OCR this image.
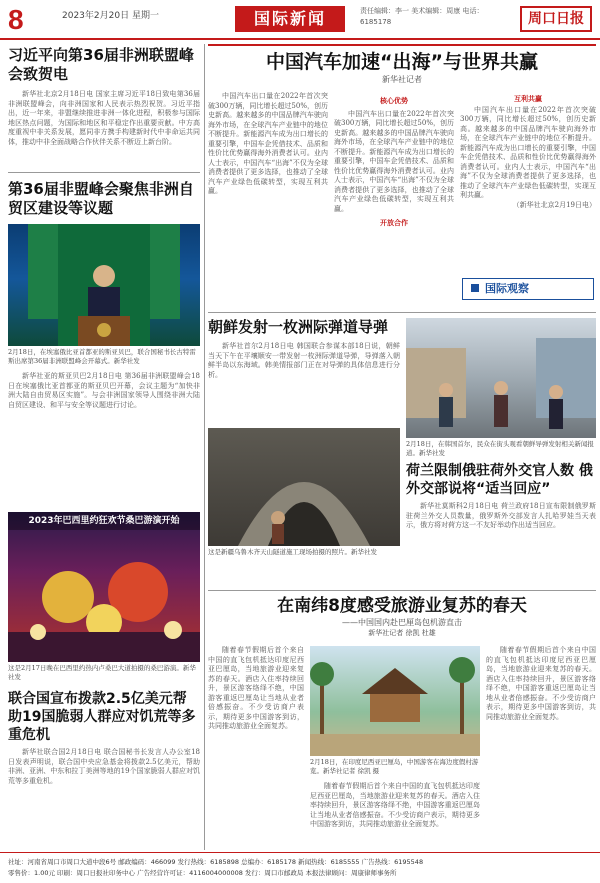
8	2023年2月20日 星期一	国际新闻	责任编辑：李一 美术编辑：周康 电话：6185178	周口日报
习近平向第36届非洲联盟峰会致贺电

新华社北京2月18日电 国家主席习近平18日致电第36届非洲联盟峰会，向非洲国家和人民表示热烈祝贺。习近平指出，近一年来，非盟继续推进非洲一体化进程，积极参与国际地区热点问题，为国际和地区和平稳定作出重要贡献。中方高度重视中非关系发展，愿同非方携手构建新时代中非命运共同体，推动中非全面战略合作伙伴关系不断迈上新台阶。

第36届非盟峰会聚焦非洲自贸区建设等议题
2月18日，在埃塞俄比亚首都亚的斯亚贝巴，联合国秘书长古特雷斯出席第36届非洲联盟峰会开幕式。新华社发

新华社亚的斯亚贝巴2月18日电 第36届非洲联盟峰会18日在埃塞俄比亚首都亚的斯亚贝巴开幕，会议主题为“加快非洲大陆自由贸易区实施”。与会非洲国家领导人围绕非洲大陆自贸区建设、和平与安全等议题进行讨论。

2023年巴西里约狂欢节桑巴游演开始
这是2月17日晚在巴西里约热内卢桑巴大道拍摄的桑巴游演。新华社发
联合国宣布拨款2.5亿美元帮助19国脆弱人群应对饥荒等多重危机

新华社联合国2月18日电 联合国秘书长发言人办公室18日发表声明说，联合国中央应急基金将拨款2.5亿美元，帮助非洲、亚洲、中东和拉丁美洲等地的19个国家脆弱人群应对饥荒等多重危机。

中国汽车加速“出海”与世界共赢
新华社记者

中国汽车出口量在2022年首次突破300万辆，同比增长超过50%，创历史新高。越来越多的中国品牌汽车驶向海外市场，在全球汽车产业链中的地位不断提升。新能源汽车成为出口增长的重要引擎，中国车企凭借技术、品质和性价比优势赢得海外消费者认可。业内人士表示，中国汽车“出海”不仅为全球消费者提供了更多选择，也推动了全球汽车产业绿色低碳转型，实现互利共赢。

核心优势

中国汽车出口量在2022年首次突破300万辆，同比增长超过50%，创历史新高。越来越多的中国品牌汽车驶向海外市场，在全球汽车产业链中的地位不断提升。新能源汽车成为出口增长的重要引擎，中国车企凭借技术、品质和性价比优势赢得海外消费者认可。业内人士表示，中国汽车“出海”不仅为全球消费者提供了更多选择，也推动了全球汽车产业绿色低碳转型，实现互利共赢。

开放合作
互利共赢

中国汽车出口量在2022年首次突破300万辆，同比增长超过50%，创历史新高。越来越多的中国品牌汽车驶向海外市场，在全球汽车产业链中的地位不断提升。新能源汽车成为出口增长的重要引擎，中国车企凭借技术、品质和性价比优势赢得海外消费者认可。业内人士表示，中国汽车“出海”不仅为全球消费者提供了更多选择，也推动了全球汽车产业绿色低碳转型，实现互利共赢。

（新华社北京2月19日电）
国际观察
朝鲜发射一枚洲际弹道导弹

新华社首尔2月18日电 韩国联合参谋本部18日说，朝鲜当天下午在平壤顺安一带发射一枚洲际弹道导弹，导弹落入朝鲜半岛以东海域。韩美情报部门正在对导弹的具体信息进行分析。

这是新疆乌鲁木齐天山隧道施工现场拍摄的照片。新华社发
2月18日，在韩国首尔，民众在街头观看朝鲜导弹发射相关新闻报道。新华社发
荷兰限制俄驻荷外交官人数 俄外交部说将“适当回应”

新华社莫斯科2月18日电 荷兰政府18日宣布限制俄罗斯驻荷兰外交人员数量，俄罗斯外交部发言人扎哈罗娃当天表示，俄方将对荷方这一不友好举动作出适当回应。

在南纬8度感受旅游业复苏的春天
——中国国内赴巴厘岛包机游直击
新华社记者 徐凯 杜雄

随着春节假期后首个来自中国的直飞包机抵达印度尼西亚巴厘岛，当地旅游业迎来复苏的春天。酒店入住率持续回升，景区游客络绎不绝，中国游客重返巴厘岛让当地从业者倍感振奋。不少受访商户表示，期待更多中国游客到访，共同推动旅游业全面复苏。

2月18日，在印度尼西亚巴厘岛，中国游客在海边度假村游览。新华社记者 徐凯 摄

随着春节假期后首个来自中国的直飞包机抵达印度尼西亚巴厘岛，当地旅游业迎来复苏的春天。酒店入住率持续回升，景区游客络绎不绝，中国游客重返巴厘岛让当地从业者倍感振奋。不少受访商户表示，期待更多中国游客到访，共同推动旅游业全面复苏。

随着春节假期后首个来自中国的直飞包机抵达印度尼西亚巴厘岛，当地旅游业迎来复苏的春天。酒店入住率持续回升，景区游客络绎不绝，中国游客重返巴厘岛让当地从业者倍感振奋。不少受访商户表示，期待更多中国游客到访，共同推动旅游业全面复苏。

社址：河南省周口市周口大道中段6号 邮政编码：466099 发行热线：6185898 总编办：6185178 新闻热线：6185555 广告热线：6195548
零售价：1.00元 印刷：周口日报社印务中心 广告经营许可证：4116004000008 发行：周口市邮政局 本报法律顾问：周康律师事务所
